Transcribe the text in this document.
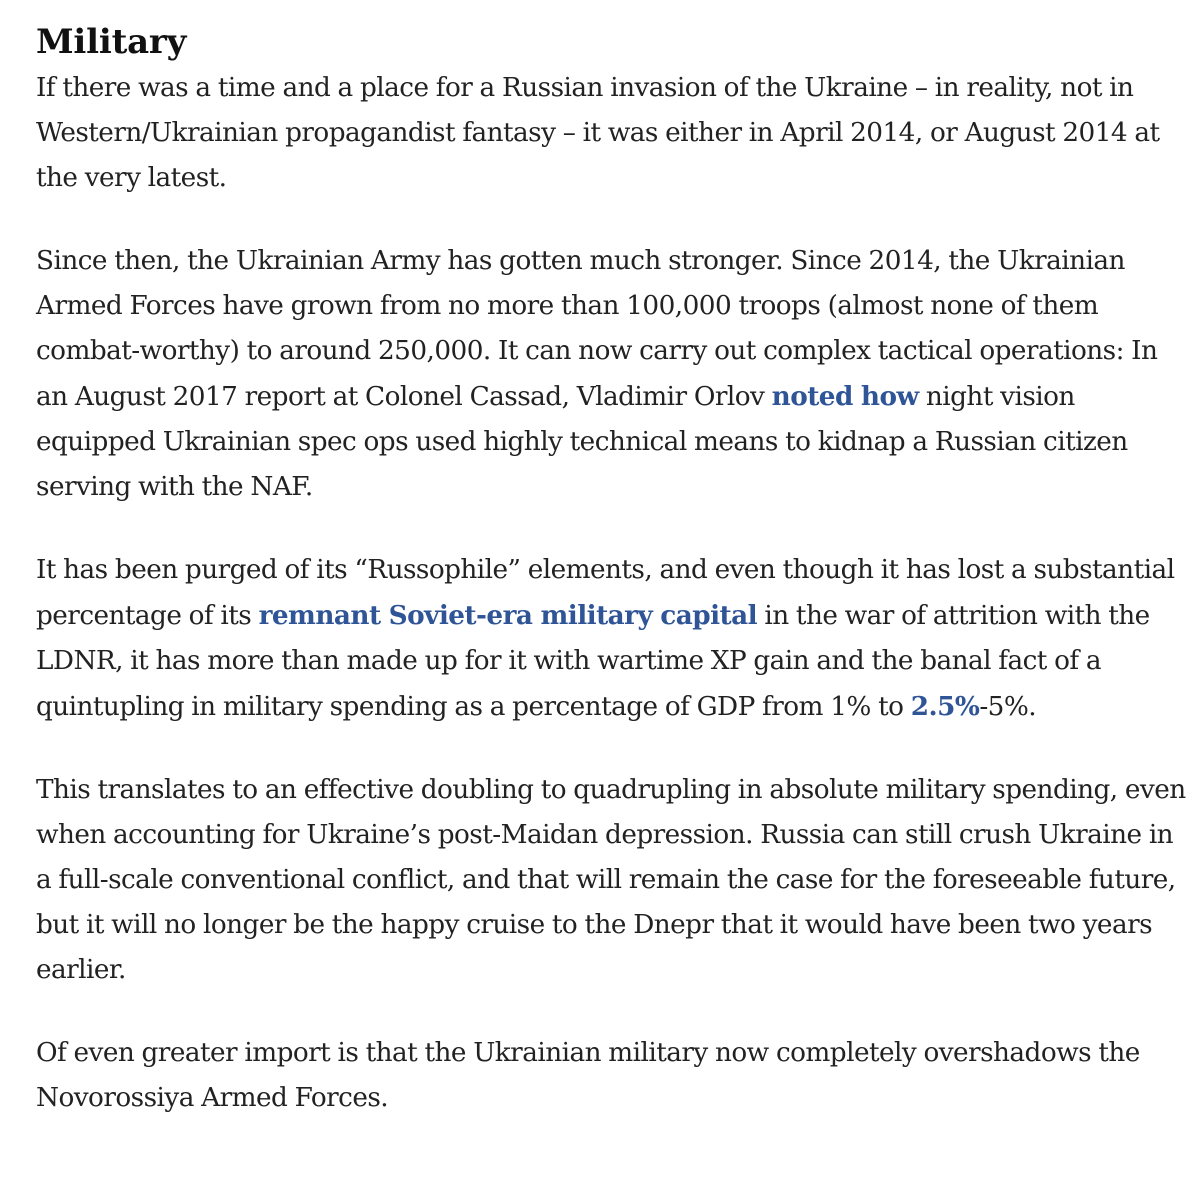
Military

If there was a time and a place for a Russian invasion of the Ukraine – in reality, not in Western/Ukrainian propagandist fantasy – it was either in April 2014, or August 2014 at the very latest.

Since then, the Ukrainian Army has gotten much stronger. Since 2014, the Ukrainian Armed Forces have grown from no more than 100,000 troops (almost none of them combat-worthy) to around 250,000. It can now carry out complex tactical operations: In an August 2017 report at Colonel Cassad, Vladimir Orlov noted how night vision equipped Ukrainian spec ops used highly technical means to kidnap a Russian citizen serving with the NAF.

It has been purged of its “Russophile” elements, and even though it has lost a substantial percentage of its remnant Soviet-era military capital in the war of attrition with the LDNR, it has more than made up for it with wartime XP gain and the banal fact of a quintupling in military spending as a percentage of GDP from 1% to 2.5%-5%.

This translates to an effective doubling to quadrupling in absolute military spending, even when accounting for Ukraine’s post-Maidan depression. Russia can still crush Ukraine in a full-scale conventional conflict, and that will remain the case for the foreseeable future, but it will no longer be the happy cruise to the Dnepr that it would have been two years earlier.

Of even greater import is that the Ukrainian military now completely overshadows the Novorossiya Armed Forces.
